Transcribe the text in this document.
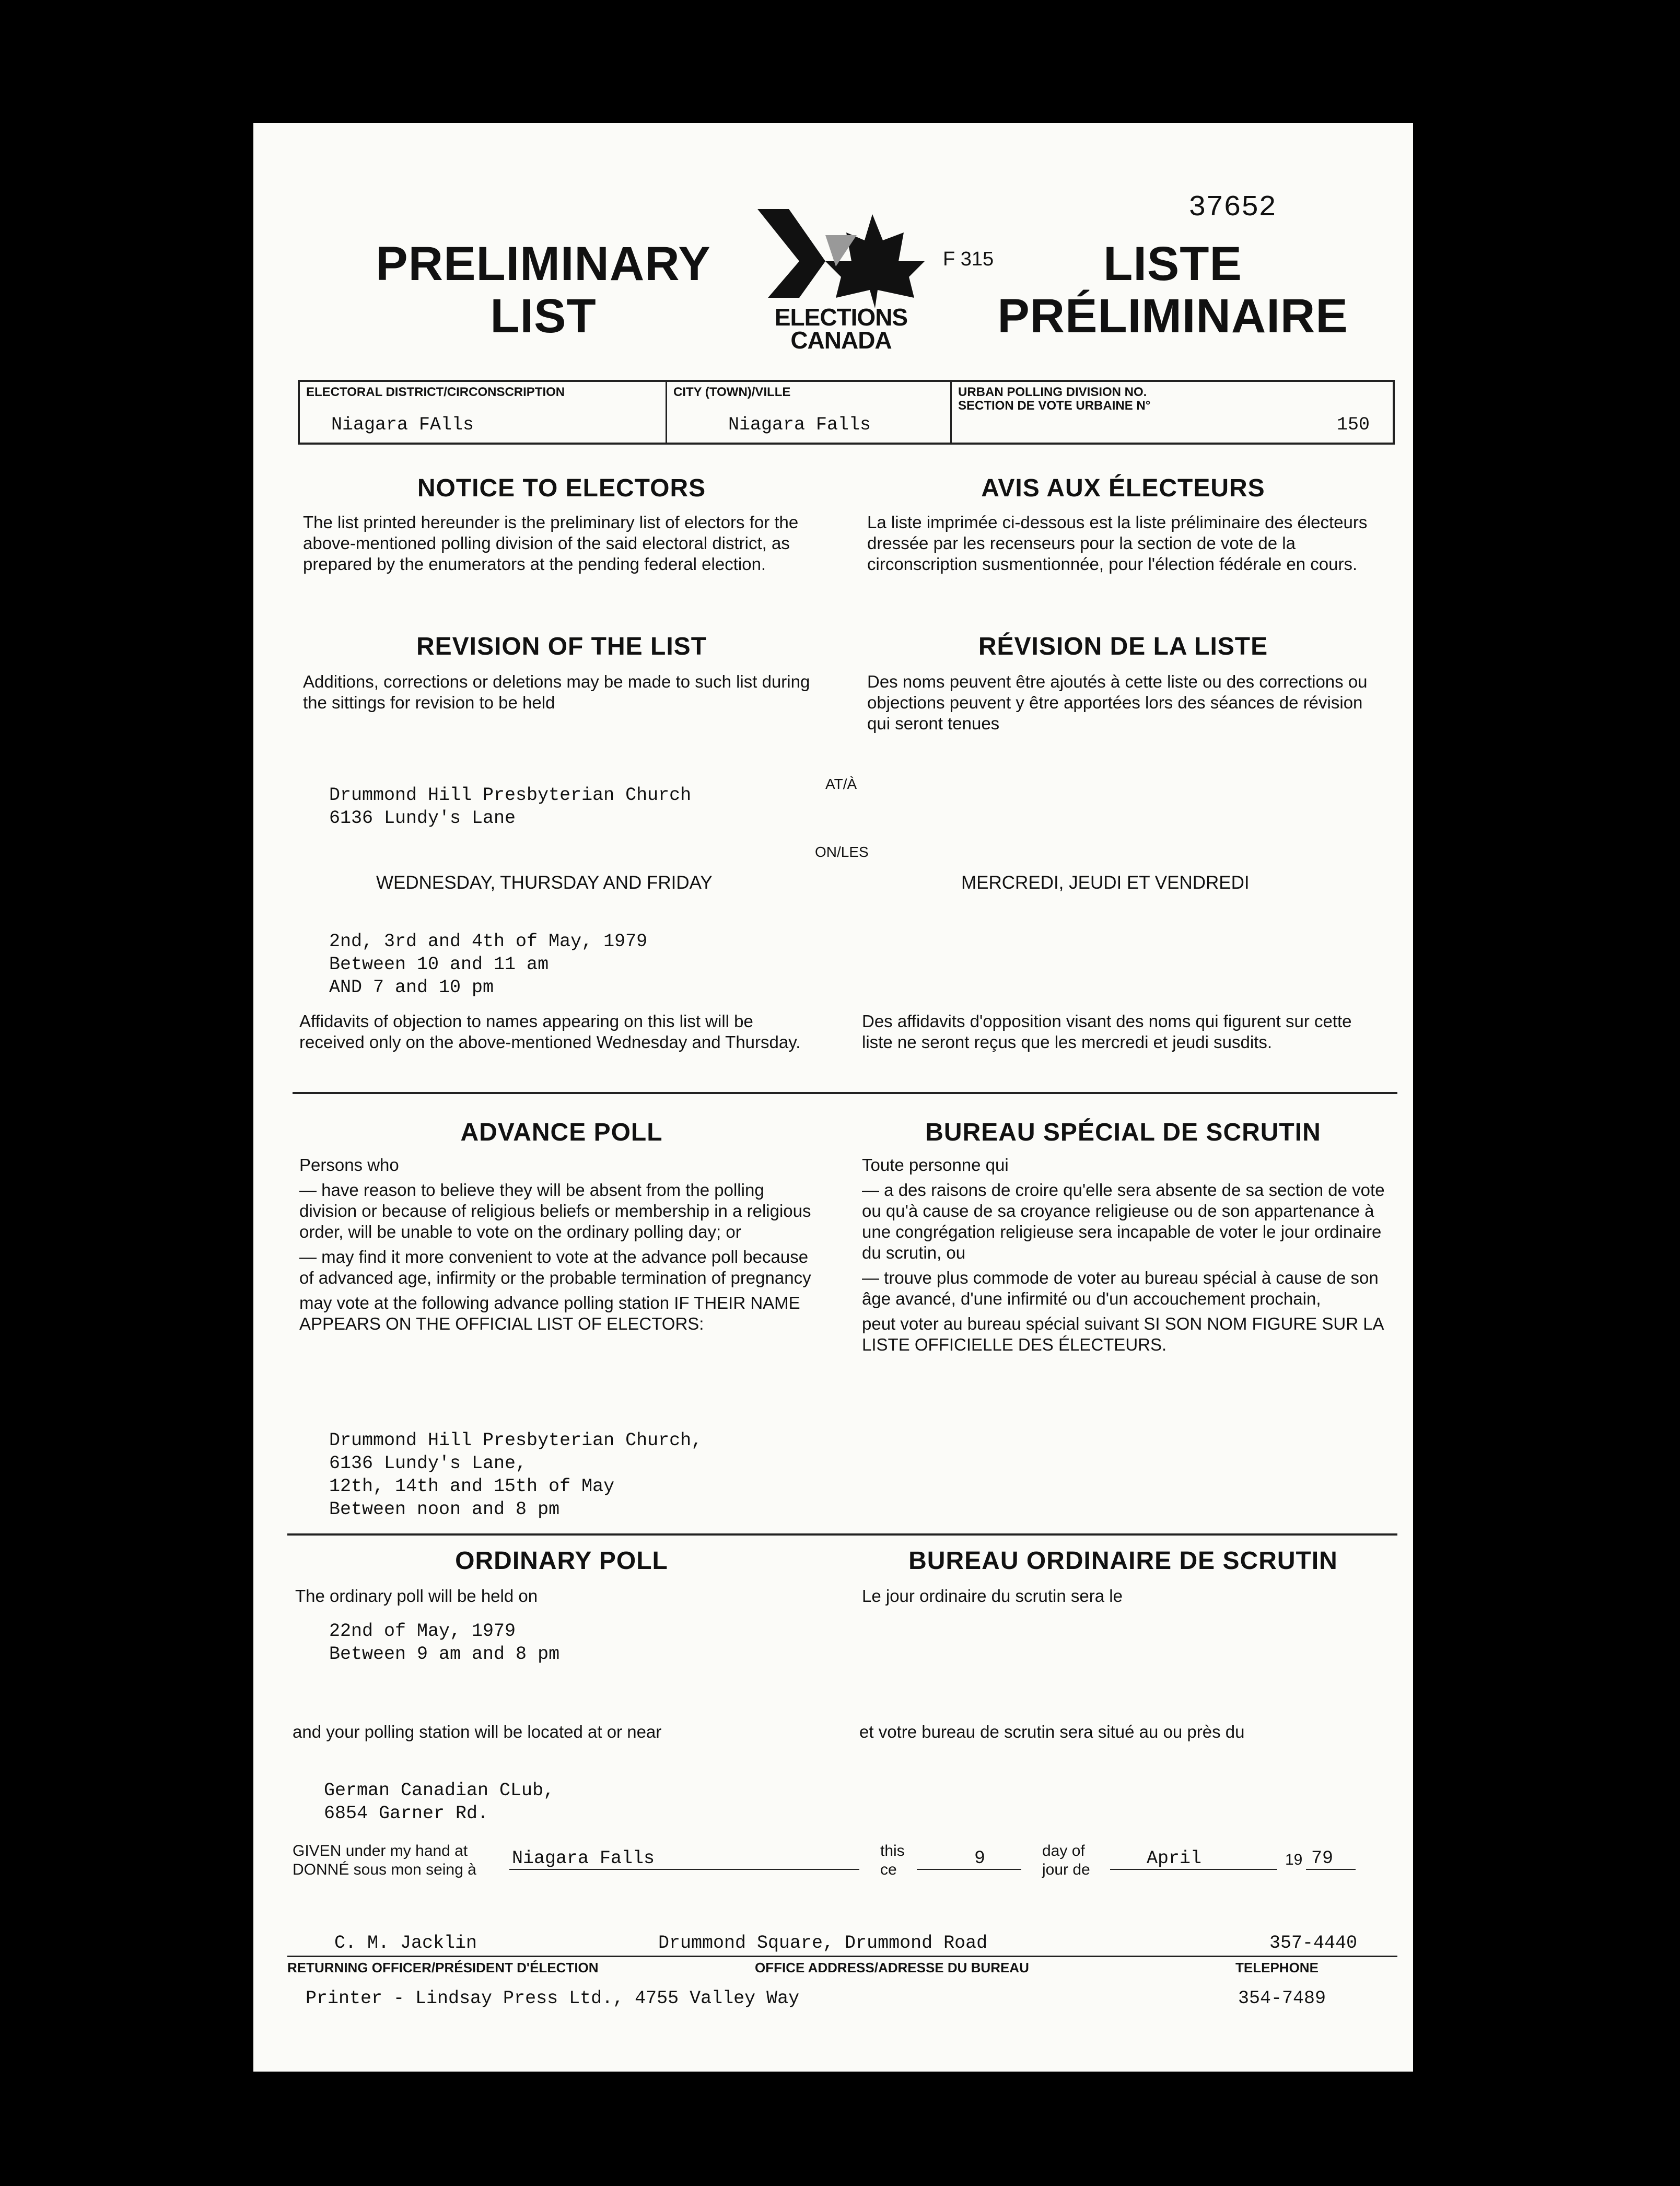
37652
PRELIMINARY
LIST
LISTE
PRÉLIMINAIRE
ELECTIONS
CANADA
F 315
ELECTORAL DISTRICT/CIRCONSCRIPTION
Niagara FAlls
CITY (TOWN)/VILLE
Niagara Falls
URBAN POLLING DIVISION NO.
SECTION DE VOTE URBAINE N°
150
NOTICE TO ELECTORS
The list printed hereunder is the preliminary list of electors for the above-mentioned polling division of the said electoral district, as prepared by the enumerators at the pending federal election.
AVIS AUX ÉLECTEURS
La liste imprimée ci-dessous est la liste préliminaire des électeurs dressée par les recenseurs pour la section de vote de la circonscription susmentionnée, pour l'élection fédérale en cours.
REVISION OF THE LIST
Additions, corrections or deletions may be made to such list during the sittings for revision to be held
RÉVISION DE LA LISTE
Des noms peuvent être ajoutés à cette liste ou des corrections ou objections peuvent y être apportées lors des séances de révision qui seront tenues
Drummond Hill Presbyterian Church
6136 Lundy's Lane
AT/À
ON/LES
WEDNESDAY, THURSDAY AND FRIDAY	MERCREDI, JEUDI ET VENDREDI
2nd, 3rd and 4th of May, 1979
Between 10 and 11 am
AND 7 and 10 pm
Affidavits of objection to names appearing on this list will be received only on the above-mentioned Wednesday and Thursday.
Des affidavits d'opposition visant des noms qui figurent sur cette liste ne seront reçus que les mercredi et jeudi susdits.
ADVANCE POLL	BUREAU SPÉCIAL DE SCRUTIN
Persons who
— have reason to believe they will be absent from the polling division or because of religious beliefs or membership in a religious order, will be unable to vote on the ordinary polling day; or
— may find it more convenient to vote at the advance poll because of advanced age, infirmity or the probable termination of pregnancy
may vote at the following advance polling station IF THEIR NAME APPEARS ON THE OFFICIAL LIST OF ELECTORS:
Toute personne qui
— a des raisons de croire qu'elle sera absente de sa section de vote ou qu'à cause de sa croyance religieuse ou de son appartenance à une congrégation religieuse sera incapable de voter le jour ordinaire du scrutin, ou
— trouve plus commode de voter au bureau spécial à cause de son âge avancé, d'une infirmité ou d'un accouchement prochain,
peut voter au bureau spécial suivant SI SON NOM FIGURE SUR LA LISTE OFFICIELLE DES ÉLECTEURS.
Drummond Hill Presbyterian Church,
6136 Lundy's Lane,
12th, 14th and 15th of May
Between noon and 8 pm
ORDINARY POLL	BUREAU ORDINAIRE DE SCRUTIN
The ordinary poll will be held on	Le jour ordinaire du scrutin sera le
22nd of May, 1979
Between 9 am and 8 pm
and your polling station will be located at or near	et votre bureau de scrutin sera situé au ou près du
German Canadian CLub,
6854 Garner Rd.
GIVEN under my hand at
DONNÉ sous mon seing à
Niagara Falls	this
ce
9	day of
jour de
April	19 79
C. M. Jacklin	Drummond Square, Drummond Road	357-4440
RETURNING OFFICER/PRÉSIDENT D'ÉLECTION	OFFICE ADDRESS/ADRESSE DU BUREAU	TELEPHONE
Printer - Lindsay Press Ltd., 4755 Valley Way	354-7489
